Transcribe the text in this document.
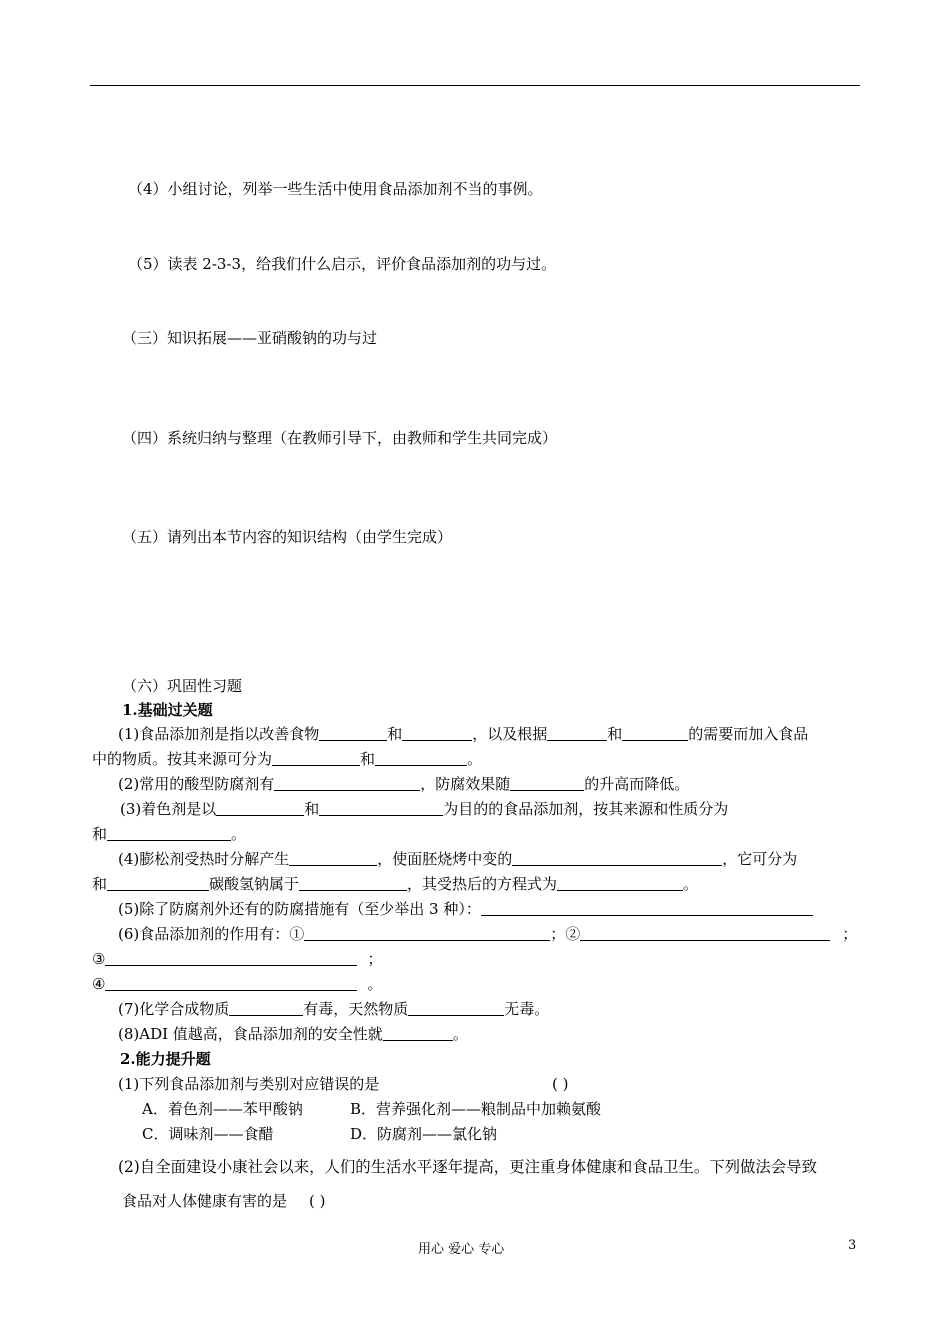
（4）小组讨论，列举一些生活中使用食品添加剂不当的事例。
（5）读表 2-3-3，给我们什么启示，评价食品添加剂的功与过。
（三）知识拓展——亚硝酸钠的功与过
（四）系统归纳与整理（在教师引导下，由教师和学生共同完成）
（五）请列出本节内容的知识结构（由学生完成）
（六）巩固性习题
1.基础过关题
(1)食品添加剂是指以改善食物	和	，以及根据	和	的需要而加入食品
中的物质。按其来源可分为	和	。
(2)常用的酸型防腐剂有	，防腐效果随	的升高而降低。
(3)着色剂是以	和	为目的的食品添加剂，按其来源和性质分为
和	。
(4)膨松剂受热时分解产生	，使面胚烧烤中变的	，它可分为
和	碳酸氢钠属于	，其受热后的方程式为	。
(5)除了防腐剂外还有的防腐措施有（至少举出 3 种）：
(6)食品添加剂的作用有：①	；②	；
③	；
④	。
(7)化学合成物质	有毒，天然物质	无毒。
(8)ADI 值越高，食品添加剂的安全性就	。
2.能力提升题
(1)下列食品添加剂与类别对应错误的是	( )
A．着色剂——苯甲酸钠	B．营养强化剂——粮制品中加赖氨酸
C．调味剂——食醋	D．防腐剂——氯化钠
(2)自全面建设小康社会以来，人们的生活水平逐年提高，更注重身体健康和食品卫生。下列做法会导致
食品对人体健康有害的是 ( )
用心 爱心 专心	3
